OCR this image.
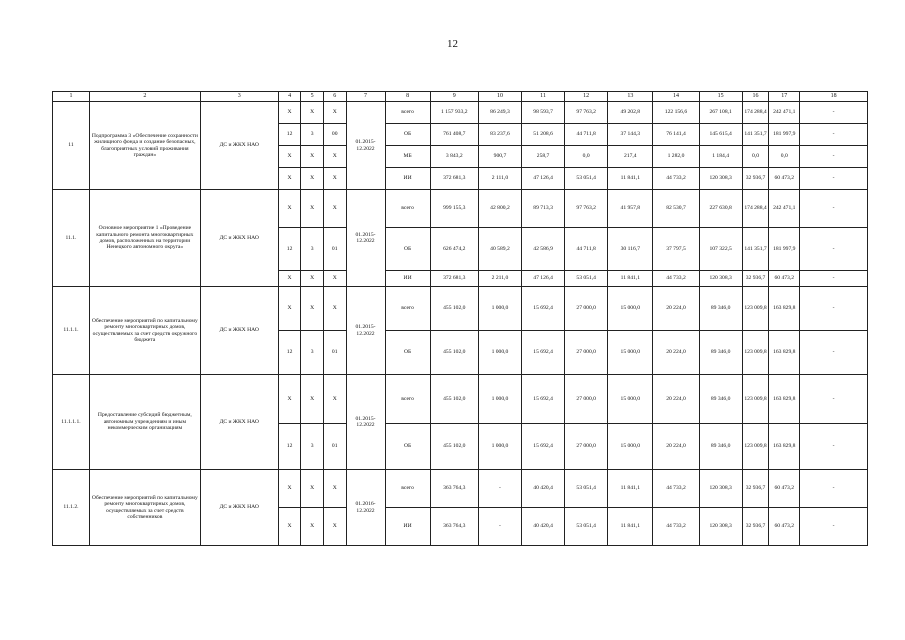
12
1	2	3	4	5	6	7	8	9	10	11	12	13	14	15	16	17	18
11	Подпрограмма 3 «Обеспечение сохранности жилищного фонда и создание безопасных, благоприятных условий проживания граждан»	ДС и ЖКХ НАО	X	X	X	01.2015-12.2022	всего	1 157 933,2	86 249,3	98 593,7	97 763,2	49 202,8	122 156,6	267 108,1	174 288,4	242 471,1	-
			12	3	00		ОБ	761 408,7	83 237,6	51 208,6	44 711,8	37 144,3	76 141,4	145 615,4	141 351,7	181 997,9	-
			X	X	X		МБ	3 843,2	900,7	258,7	0,0	217,4	1 282,0	1 184,4	0,0	0,0	-
			X	X	X		ИИ	372 681,3	2 111,0	47 126,4	53 051,4	11 841,1	44 733,2	120 308,3	32 936,7	60 473,2	-
11.1.	Основное мероприятие 1 «Проведение капитального ремонта многоквартирных домов, расположенных на территории Ненецкого автономного округа»	ДС и ЖКХ НАО	X	X	X	01.2015-12.2022	всего	999 155,3	42 800,2	89 713,3	97 763,2	41 957,8	82 530,7	227 630,8	174 288,4	242 471,1	-
			12	3	01		ОБ	626 474,2	40 589,2	42 586,9	44 711,8	30 116,7	37 797,5	107 322,5	141 351,7	181 997,9	-
			X	X	X		ИИ	372 681,3	2 211,0	47 126,4	53 051,4	11 841,1	44 733,2	120 308,3	32 936,7	60 473,2	-
11.1.1.	Обеспечение мероприятий по капитальному ремонту многоквартирных домов, осуществляемых за счет средств окружного бюджета	ДС и ЖКХ НАО	X	X	X	01.2015-12.2022	всего	455 102,0	1 000,0	15 692,4	27 000,0	15 000,0	20 224,0	89 346,0	123 009,8	163 829,8	-
			12	3	01		ОБ	455 102,0	1 000,0	15 692,4	27 000,0	15 000,0	20 224,0	89 346,0	123 009,8	163 829,8	-
11.1.1.1.	Предоставление субсидий бюджетным, автономным учреждениям и иным некоммерческим организациям	ДС и ЖКХ НАО	X	X	X	01.2015-12.2022	всего	455 102,0	1 000,0	15 692,4	27 000,0	15 000,0	20 224,0	89 346,0	123 009,8	163 829,8	-
			12	3	01		ОБ	455 102,0	1 000,0	15 692,4	27 000,0	15 000,0	20 224,0	89 346,0	123 009,8	163 829,8	-
11.1.2.	Обеспечение мероприятий по капитальному ремонту многоквартирных домов, осуществляемых за счет средств собственников	ДС и ЖКХ НАО	X	X	X	01.2016-12.2022	всего	363 764,3	-	40 420,4	53 051,4	11 841,1	44 733,2	120 308,3	32 936,7	60 473,2	-
			X	X	X		ИИ	363 764,3	-	40 420,4	53 051,4	11 841,1	44 733,2	120 308,3	32 936,7	60 473,2	-
